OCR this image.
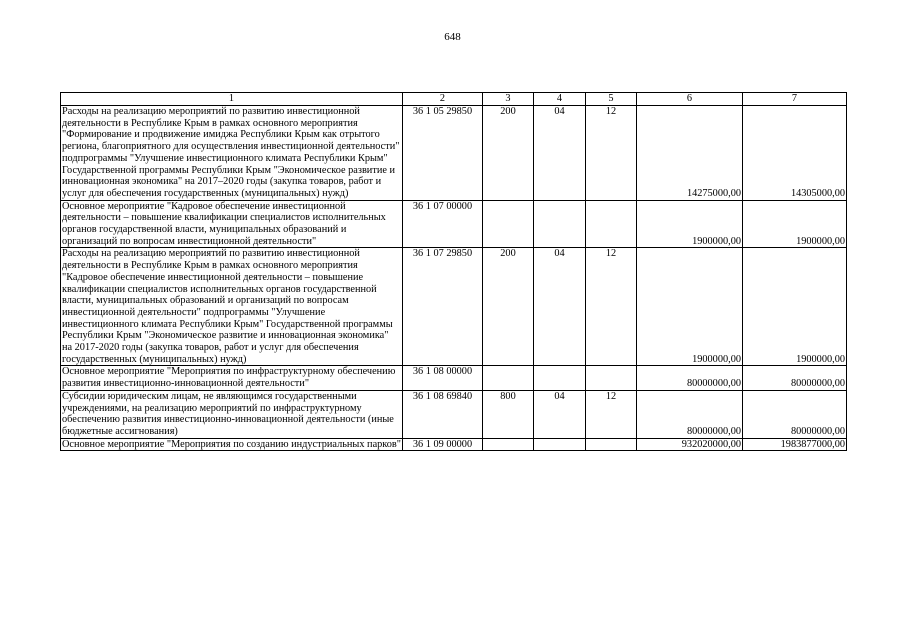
648
1	2	3	4	5	6	7
Расходы на реализацию мероприятий по развитию инвестиционной деятельности в Республике Крым в рамках основного мероприятия "Формирование и продвижение имиджа Республики Крым как отрытого региона, благоприятного для осуществления инвестиционной деятельности" подпрограммы "Улучшение инвестиционного климата Республики Крым" Государственной программы Республики Крым "Экономическое развитие и инновационная экономика" на 2017–2020 годы (закупка товаров, работ и услуг для обеспечения государственных (муниципальных) нужд)	36 1 05 29850	200	04	12	14275000,00	14305000,00
Основное мероприятие "Кадровое обеспечение инвестиционной деятельности – повышение квалификации специалистов исполнительных органов государственной власти, муниципальных образований и организаций по вопросам инвестиционной деятельности"	36 1 07 00000				1900000,00	1900000,00
Расходы на реализацию мероприятий по развитию инвестиционной деятельности в Республике Крым в рамках основного мероприятия "Кадровое обеспечение инвестиционной деятельности – повышение квалификации специалистов исполнительных органов государственной власти, муниципальных образований и организаций по вопросам инвестиционной деятельности" подпрограммы "Улучшение инвестиционного климата Республики Крым" Государственной программы Республики Крым "Экономическое развитие и инновационная экономика" на 2017-2020 годы (закупка товаров, работ и услуг для обеспечения государственных (муниципальных) нужд)	36 1 07 29850	200	04	12	1900000,00	1900000,00
Основное мероприятие "Мероприятия по инфраструктурному обеспечению развития инвестиционно-инновационной деятельности"	36 1 08 00000				80000000,00	80000000,00
Субсидии юридическим лицам, не являющимся государственными учреждениями, на реализацию мероприятий по инфраструктурному обеспечению развития инвестиционно-инновационной деятельности (иные бюджетные ассигнования)	36 1 08 69840	800	04	12	80000000,00	80000000,00
Основное мероприятие "Мероприятия по созданию индустриальных парков"	36 1 09 00000				932020000,00	1983877000,00
